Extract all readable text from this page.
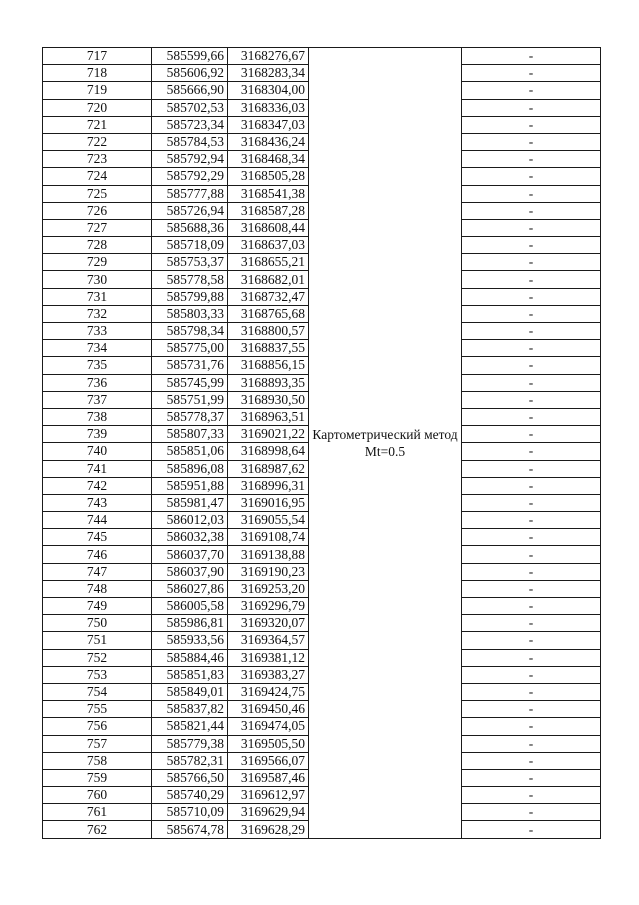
717	585599,66	3168276,67	Картометрический метод Mt=0.5	-
718	585606,92	3168283,34		-
719	585666,90	3168304,00		-
720	585702,53	3168336,03		-
721	585723,34	3168347,03		-
722	585784,53	3168436,24		-
723	585792,94	3168468,34		-
724	585792,29	3168505,28		-
725	585777,88	3168541,38		-
726	585726,94	3168587,28		-
727	585688,36	3168608,44		-
728	585718,09	3168637,03		-
729	585753,37	3168655,21		-
730	585778,58	3168682,01		-
731	585799,88	3168732,47		-
732	585803,33	3168765,68		-
733	585798,34	3168800,57		-
734	585775,00	3168837,55		-
735	585731,76	3168856,15		-
736	585745,99	3168893,35		-
737	585751,99	3168930,50		-
738	585778,37	3168963,51		-
739	585807,33	3169021,22		-
740	585851,06	3168998,64		-
741	585896,08	3168987,62		-
742	585951,88	3168996,31		-
743	585981,47	3169016,95		-
744	586012,03	3169055,54		-
745	586032,38	3169108,74		-
746	586037,70	3169138,88		-
747	586037,90	3169190,23		-
748	586027,86	3169253,20		-
749	586005,58	3169296,79		-
750	585986,81	3169320,07		-
751	585933,56	3169364,57		-
752	585884,46	3169381,12		-
753	585851,83	3169383,27		-
754	585849,01	3169424,75		-
755	585837,82	3169450,46		-
756	585821,44	3169474,05		-
757	585779,38	3169505,50		-
758	585782,31	3169566,07		-
759	585766,50	3169587,46		-
760	585740,29	3169612,97		-
761	585710,09	3169629,94		-
762	585674,78	3169628,29		-
